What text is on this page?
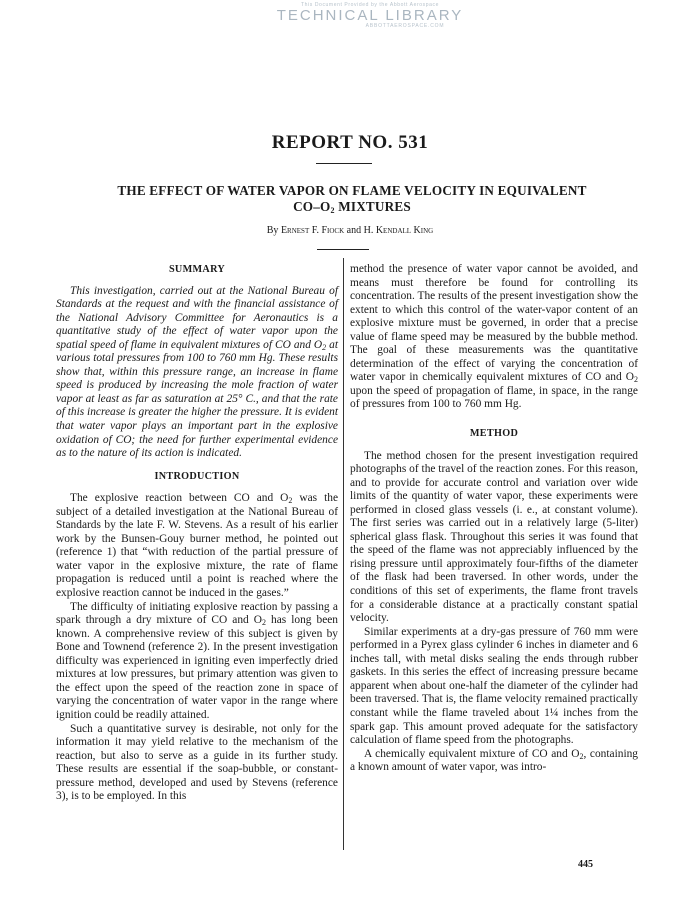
This Document Provided by the Abbott Aerospace
TECHNICAL LIBRARY
ABBOTTAEROSPACE.COM
REPORT NO. 531
THE EFFECT OF WATER VAPOR ON FLAME VELOCITY IN EQUIVALENT
$CO-O_2$ MIXTURES
By Ernest F. Fiock and H. Kendall King
SUMMARY

This investigation, carried out at the National Bureau of Standards at the request and with the financial assistance of the National Advisory Committee for Aeronautics is a quantitative study of the effect of water vapor upon the spatial speed of flame in equivalent mixtures of CO and $O_2$ at various total pressures from 100 to 760 mm Hg. These results show that, within this pressure range, an increase in flame speed is produced by increasing the mole fraction of water vapor at least as far as saturation at 25° C., and that the rate of this increase is greater the higher the pressure. It is evident that water vapor plays an important part in the explosive oxidation of CO; the need for further experimental evidence as to the nature of its action is indicated.

INTRODUCTION

The explosive reaction between CO and $O_2$ was the subject of a detailed investigation at the National Bureau of Standards by the late F. W. Stevens. As a result of his earlier work by the Bunsen-Gouy burner method, he pointed out (reference 1) that “with reduction of the partial pressure of water vapor in the explosive mixture, the rate of flame propagation is reduced until a point is reached where the explosive reaction cannot be induced in the gases.”

The difficulty of initiating explosive reaction by passing a spark through a dry mixture of CO and $O_2$ has long been known. A comprehensive review of this subject is given by Bone and Townend (reference 2). In the present investigation difficulty was experienced in igniting even imperfectly dried mixtures at low pressures, but primary attention was given to the effect upon the speed of the reaction zone in space of varying the concentration of water vapor in the range where ignition could be readily attained.

Such a quantitative survey is desirable, not only for the information it may yield relative to the mechanism of the reaction, but also to serve as a guide in its further study. These results are essential if the soap-bubble, or constant-pressure method, developed and used by Stevens (reference 3), is to be employed. In this

method the presence of water vapor cannot be avoided, and means must therefore be found for controlling its concentration. The results of the present investigation show the extent to which this control of the water-vapor content of an explosive mixture must be governed, in order that a precise value of flame speed may be measured by the bubble method. The goal of these measurements was the quantitative determination of the effect of varying the concentration of water vapor in chemically equivalent mixtures of CO and $O_2$ upon the speed of propagation of flame, in space, in the range of pressures from 100 to 760 mm Hg.

METHOD

The method chosen for the present investigation required photographs of the travel of the reaction zones. For this reason, and to provide for accurate control and variation over wide limits of the quantity of water vapor, these experiments were performed in closed glass vessels (i. e., at constant volume). The first series was carried out in a relatively large (5-liter) spherical glass flask. Throughout this series it was found that the speed of the flame was not appreciably influenced by the rising pressure until approximately four-fifths of the diameter of the flask had been traversed. In other words, under the conditions of this set of experiments, the flame front travels for a considerable distance at a practically constant spatial velocity.

Similar experiments at a dry-gas pressure of 760 mm were performed in a Pyrex glass cylinder 6 inches in diameter and 6 inches tall, with metal disks sealing the ends through rubber gaskets. In this series the effect of increasing pressure became apparent when about one-half the diameter of the cylinder had been traversed. That is, the flame velocity remained practically constant while the flame traveled about 1¼ inches from the spark gap. This amount proved adequate for the satisfactory calculation of flame speed from the photographs.

A chemically equivalent mixture of CO and $O_2$, containing a known amount of water vapor, was intro-

445
